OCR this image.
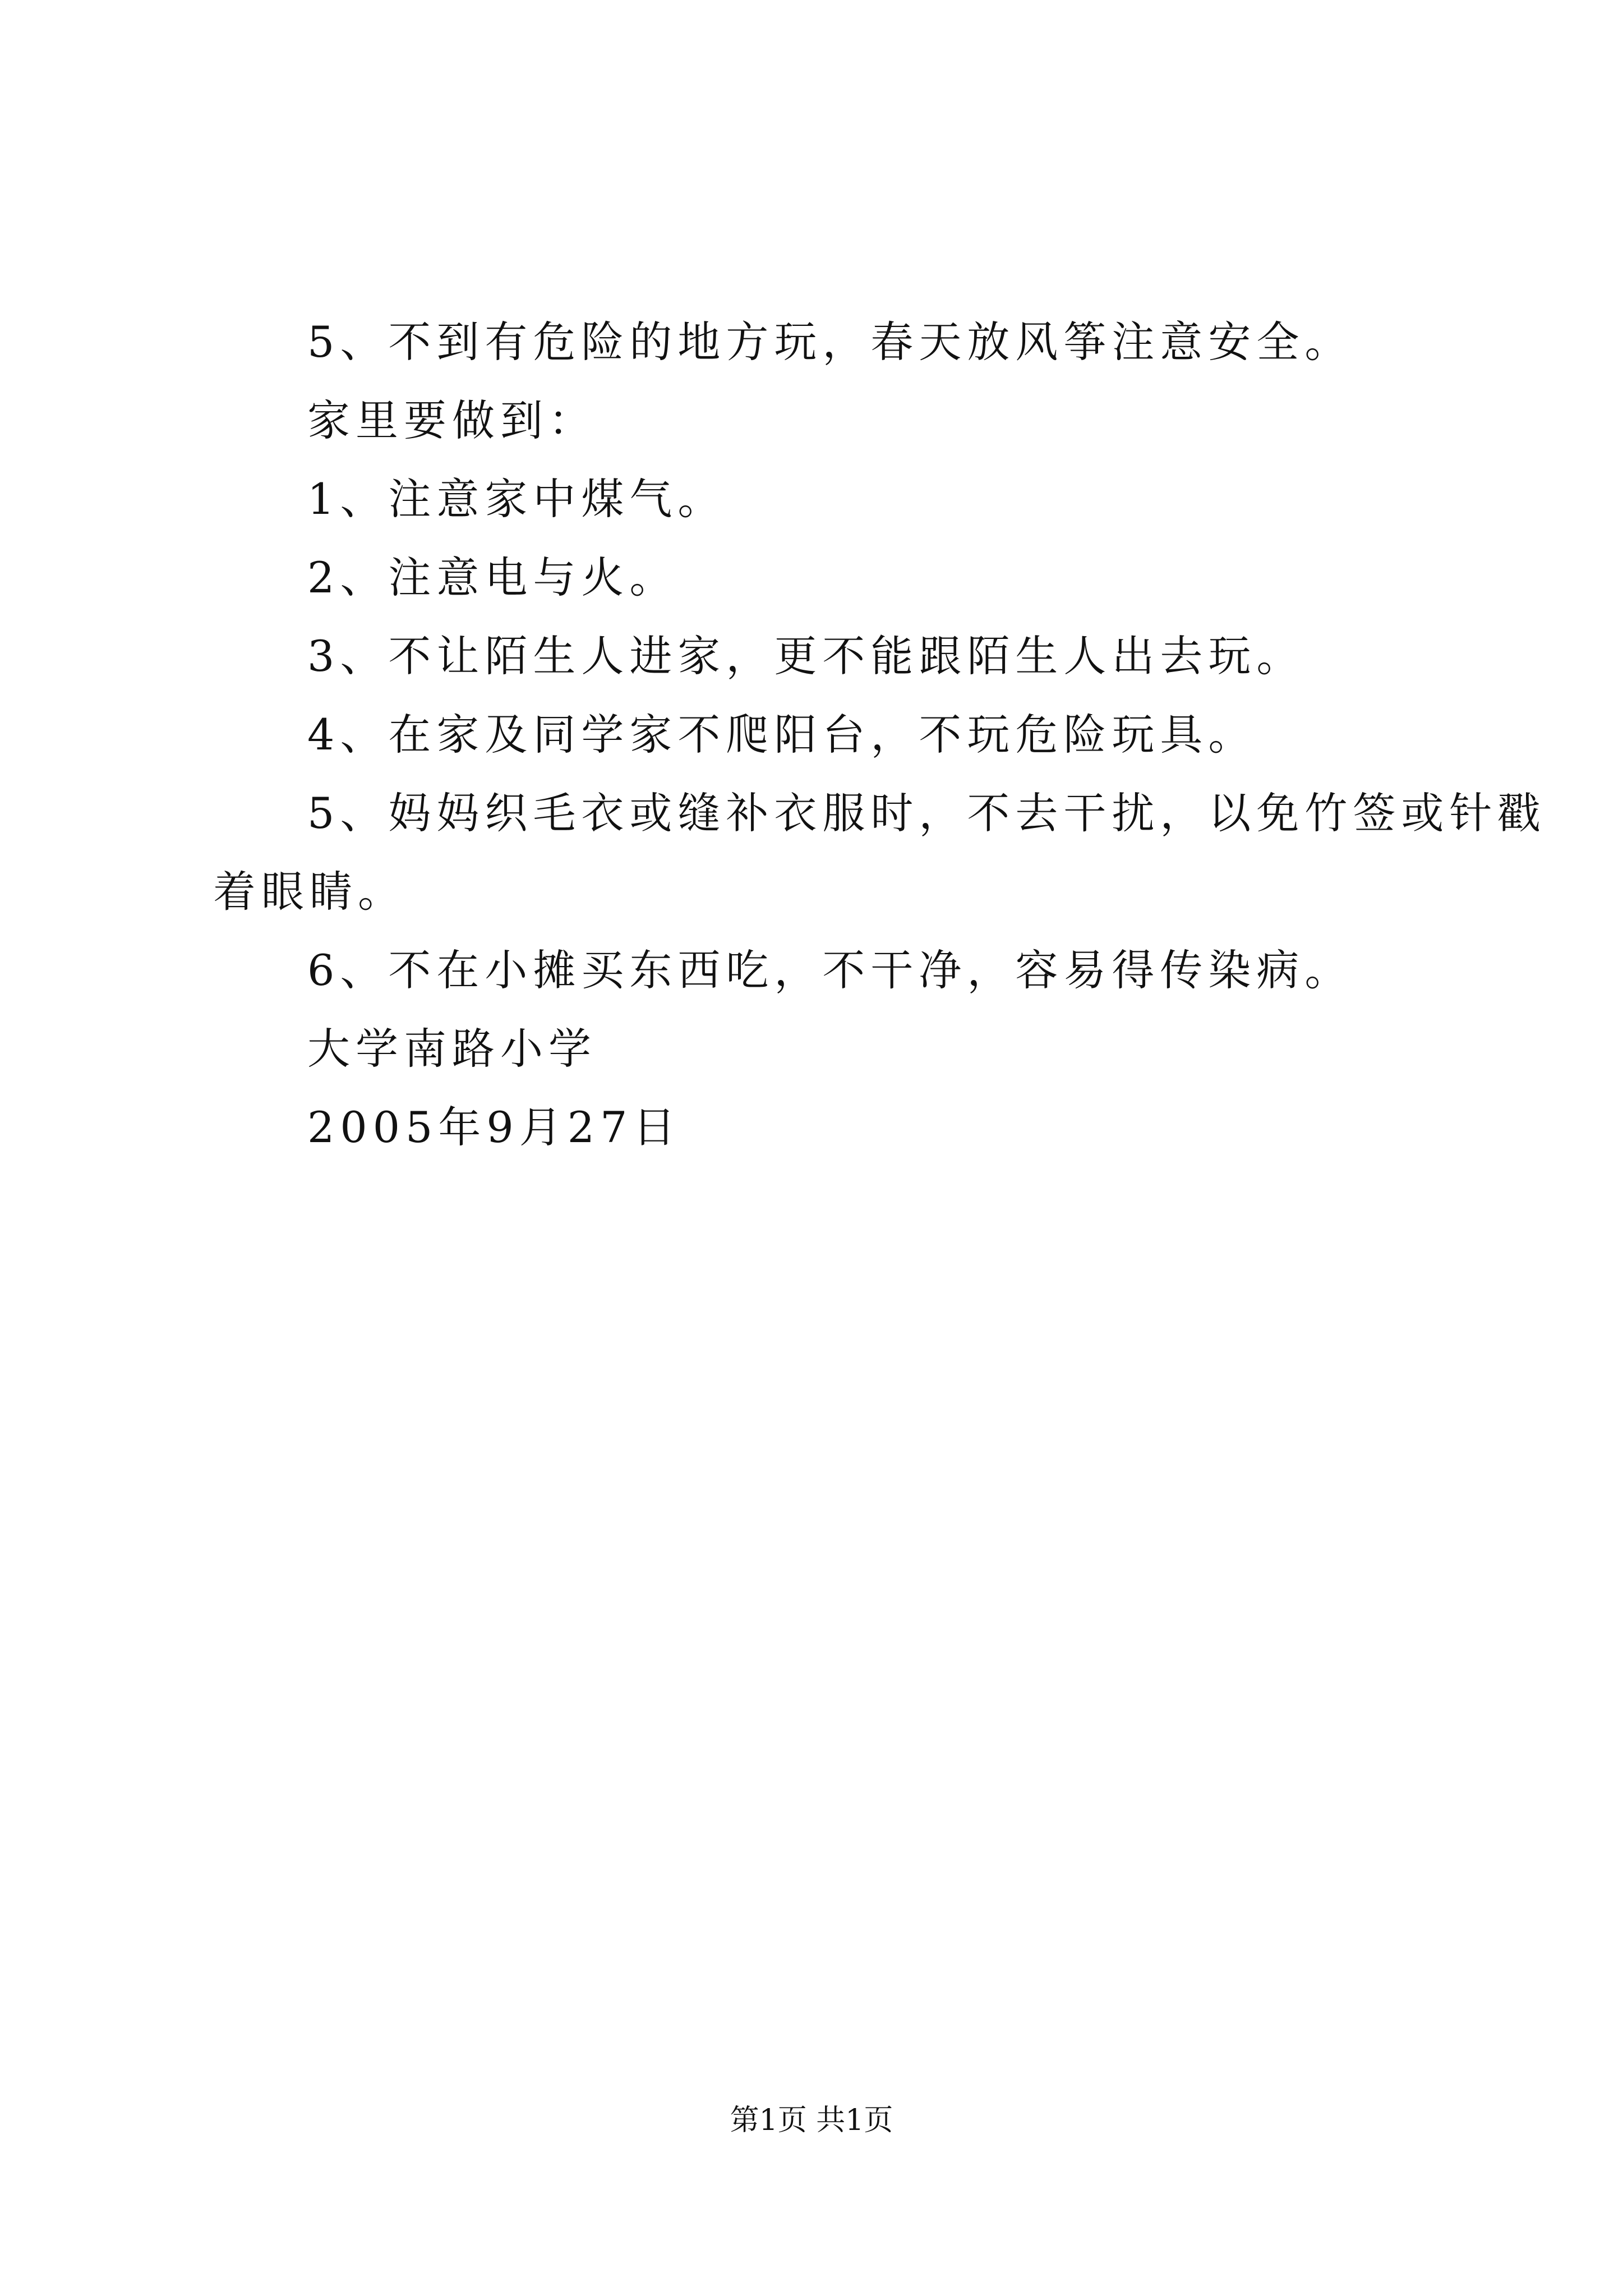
5、不到有危险的地方玩，春天放风筝注意安全。
家里要做到：
1、注意家中煤气。
2、注意电与火。
3、不让陌生人进家，更不能跟陌生人出去玩。
4、在家及同学家不爬阳台，不玩危险玩具。
5、妈妈织毛衣或缝补衣服时，不去干扰，以免竹签或针戳
着眼睛。
6、不在小摊买东西吃，不干净，容易得传染病。
大学南路小学
2005年9月27日
第1页 共1页
